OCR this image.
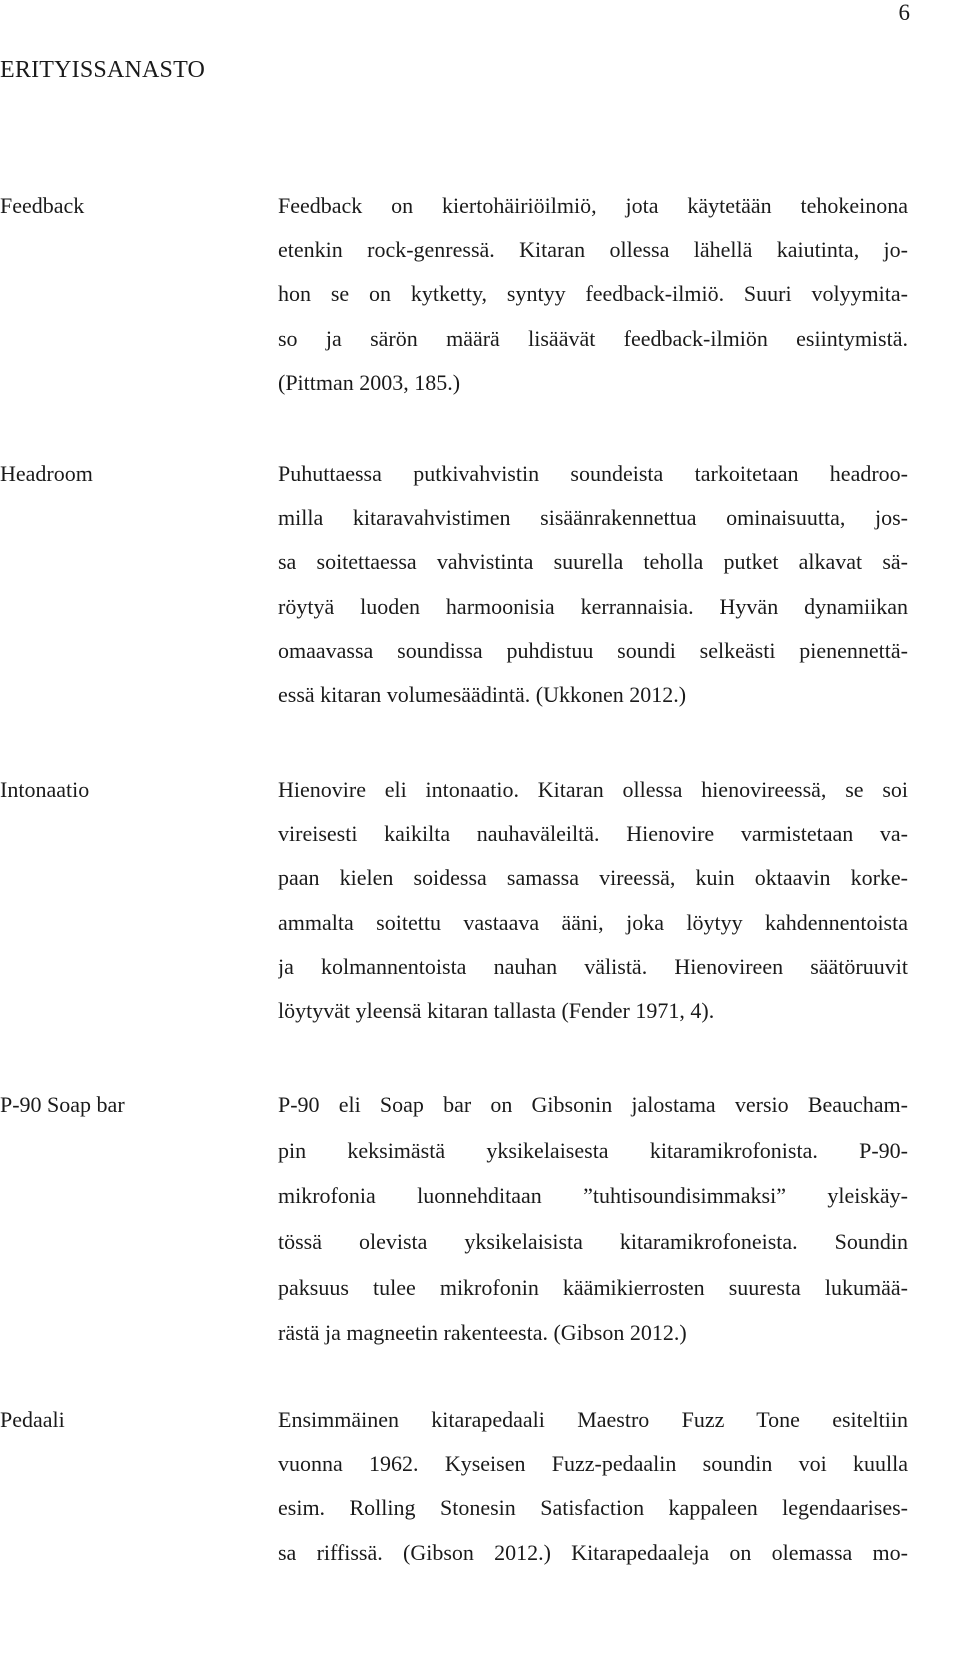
6
ERITYISSANASTO
Feedback	Feedback on kiertohäiriöilmiö, jota käytetään tehokeinona
etenkin rock-genressä. Kitaran ollessa lähellä kaiutinta, jo-
hon se on kytketty, syntyy feedback-ilmiö. Suuri volyymita-
so ja särön määrä lisäävät feedback-ilmiön esiintymistä.
(Pittman 2003, 185.)
Headroom	Puhuttaessa putkivahvistin soundeista tarkoitetaan headroo-
milla kitaravahvistimen sisäänrakennettua ominaisuutta, jos-
sa soitettaessa vahvistinta suurella teholla putket alkavat sä-
röytyä luoden harmoonisia kerrannaisia. Hyvän dynamiikan
omaavassa soundissa puhdistuu soundi selkeästi pienennettä-
essä kitaran volumesäädintä. (Ukkonen 2012.)
Intonaatio	Hienovire eli intonaatio. Kitaran ollessa hienovireessä, se soi
vireisesti kaikilta nauhaväleiltä. Hienovire varmistetaan va-
paan kielen soidessa samassa vireessä, kuin oktaavin korke-
ammalta soitettu vastaava ääni, joka löytyy kahdennentoista
ja kolmannentoista nauhan välistä. Hienovireen säätöruuvit
löytyvät yleensä kitaran tallasta (Fender 1971, 4).
P-90 Soap bar	P-90 eli Soap bar on Gibsonin jalostama versio Beaucham-
pin keksimästä yksikelaisesta kitaramikrofonista. P-90-
mikrofonia luonnehditaan ”tuhtisoundisimmaksi” yleiskäy-
tössä olevista yksikelaisista kitaramikrofoneista. Soundin
paksuus tulee mikrofonin käämikierrosten suuresta lukumää-
rästä ja magneetin rakenteesta. (Gibson 2012.)
Pedaali	Ensimmäinen kitarapedaali Maestro Fuzz Tone esiteltiin
vuonna 1962. Kyseisen Fuzz-pedaalin soundin voi kuulla
esim. Rolling Stonesin Satisfaction kappaleen legendaarises-
sa riffissä. (Gibson 2012.) Kitarapedaaleja on olemassa mo-
